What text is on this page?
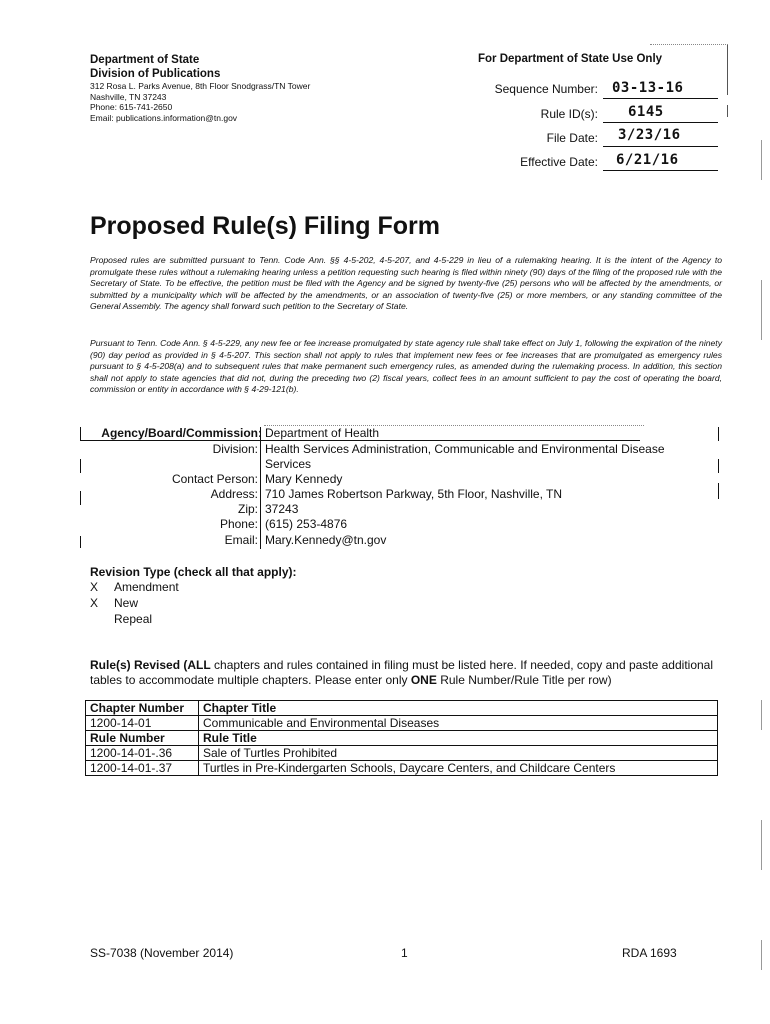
Department of State
Division of Publications
312 Rosa L. Parks Avenue, 8th Floor Snodgrass/TN Tower
Nashville, TN 37243
Phone: 615-741-2650
Email: publications.information@tn.gov
For Department of State Use Only
Sequence Number: 03-13-16
Rule ID(s): 6145
File Date: 3/23/16
Effective Date: 6/21/16
Proposed Rule(s) Filing Form
Proposed rules are submitted pursuant to Tenn. Code Ann. §§ 4-5-202, 4-5-207, and 4-5-229 in lieu of a rulemaking hearing. It is the intent of the Agency to promulgate these rules without a rulemaking hearing unless a petition requesting such hearing is filed within ninety (90) days of the filing of the proposed rule with the Secretary of State. To be effective, the petition must be filed with the Agency and be signed by twenty-five (25) persons who will be affected by the amendments, or submitted by a municipality which will be affected by the amendments, or an association of twenty-five (25) or more members, or any standing committee of the General Assembly. The agency shall forward such petition to the Secretary of State.
Pursuant to Tenn. Code Ann. § 4-5-229, any new fee or fee increase promulgated by state agency rule shall take effect on July 1, following the expiration of the ninety (90) day period as provided in § 4-5-207. This section shall not apply to rules that implement new fees or fee increases that are promulgated as emergency rules pursuant to § 4-5-208(a) and to subsequent rules that make permanent such emergency rules, as amended during the rulemaking process. In addition, this section shall not apply to state agencies that did not, during the preceding two (2) fiscal years, collect fees in an amount sufficient to pay the cost of operating the board, commission or entity in accordance with § 4-29-121(b).
Agency/Board/Commission: Department of Health
Division: Health Services Administration, Communicable and Environmental Disease Services
Contact Person: Mary Kennedy
Address: 710 James Robertson Parkway, 5th Floor, Nashville, TN
Zip: 37243
Phone: (615) 253-4876
Email: Mary.Kennedy@tn.gov
Revision Type (check all that apply):
X Amendment
X New
Repeal
Rule(s) Revised (ALL chapters and rules contained in filing must be listed here. If needed, copy and paste additional tables to accommodate multiple chapters. Please enter only ONE Rule Number/Rule Title per row)
Chapter Number	Chapter Title
1200-14-01	Communicable and Environmental Diseases
Rule Number	Rule Title
1200-14-01-.36	Sale of Turtles Prohibited
1200-14-01-.37	Turtles in Pre-Kindergarten Schools, Daycare Centers, and Childcare Centers
SS-7038 (November 2014)	1	RDA 1693
